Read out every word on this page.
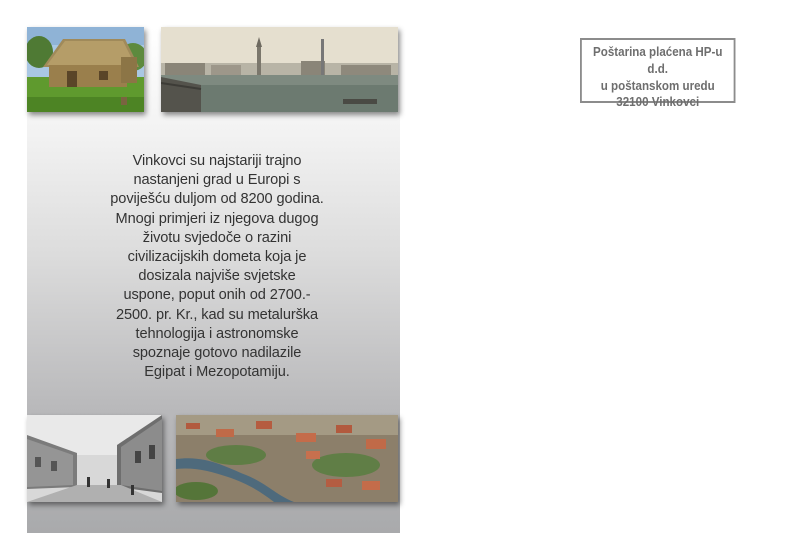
Vinkovci su najstariji trajno
nastanjeni grad u Europi s
poviješću duljom od 8200 godina.
Mnogi primjeri iz njegova dugog
životu svjedoče o razini
civilizacijskih dometa koja je
dosizala najviše svjetske
uspone, poput onih od 2700.-
2500. pr. Kr., kad su metalurška
tehnologija i astronomske
spoznaje gotovo nadilazile
Egipat i Mezopotamiju.
Poštarina plaćena HP-u d.d.
u poštanskom uredu
32100 Vinkovci
